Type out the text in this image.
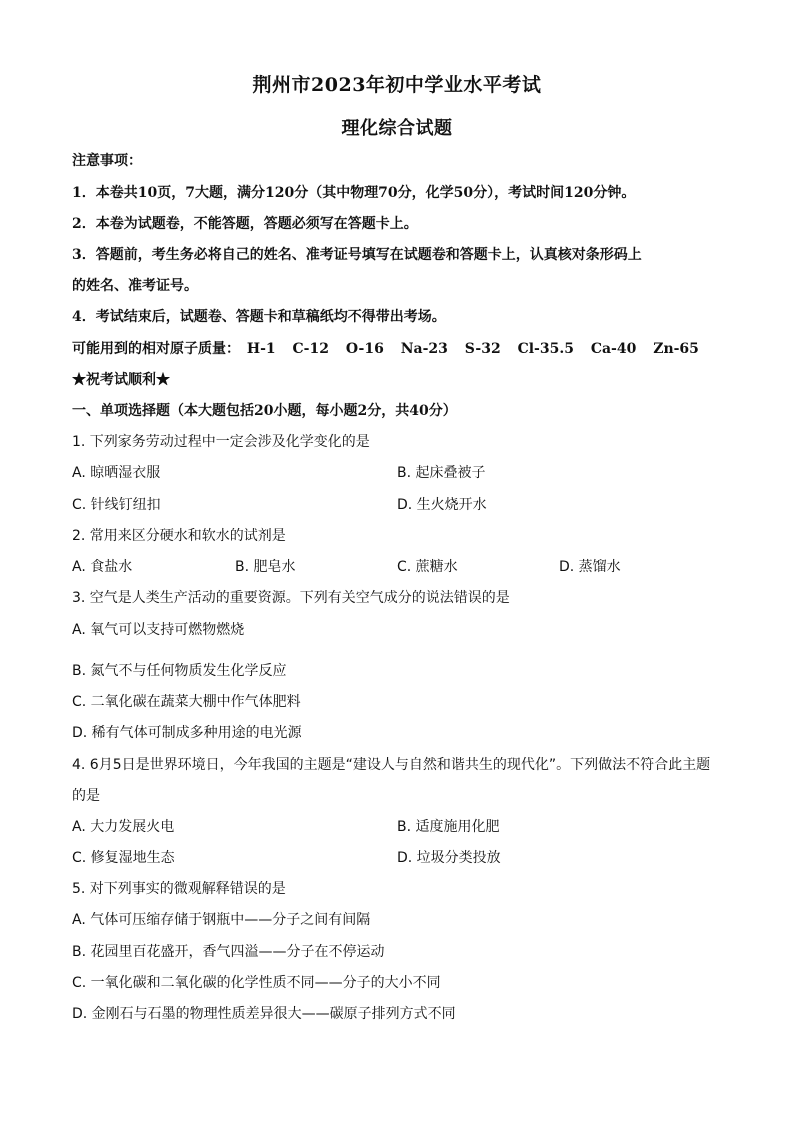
荆州市2023年初中学业水平考试
理化综合试题
注意事项：
1．本卷共10页，7大题，满分120分（其中物理70分，化学50分），考试时间120分钟。
2．本卷为试题卷，不能答题，答题必须写在答题卡上。
3．答题前，考生务必将自己的姓名、准考证号填写在试题卷和答题卡上，认真核对条形码上
的姓名、准考证号。
4．考试结束后，试题卷、答题卡和草稿纸均不得带出考场。
可能用到的相对原子质量： H-1 C-12 O-16 Na-23 S-32 Cl-35.5 Ca-40 Zn-65
★祝考试顺利★
一、单项选择题（本大题包括20小题，每小题2分，共40分）
1. 下列家务劳动过程中一定会涉及化学变化的是
A. 晾晒湿衣服	B. 起床叠被子
C. 针线钉纽扣	D. 生火烧开水
2. 常用来区分硬水和软水的试剂是
A. 食盐水	B. 肥皂水	C. 蔗糖水	D. 蒸馏水
3. 空气是人类生产活动的重要资源。下列有关空气成分的说法错误的是
A. 氧气可以支持可燃物燃烧
B. 氮气不与任何物质发生化学反应
C. 二氧化碳在蔬菜大棚中作气体肥料
D. 稀有气体可制成多种用途的电光源
4. 6月5日是世界环境日，今年我国的主题是“建设人与自然和谐共生的现代化”。下列做法不符合此主题
的是
A. 大力发展火电	B. 适度施用化肥
C. 修复湿地生态	D. 垃圾分类投放
5. 对下列事实的微观解释错误的是
A. 气体可压缩存储于钢瓶中——分子之间有间隔
B. 花园里百花盛开，香气四溢——分子在不停运动
C. 一氧化碳和二氧化碳的化学性质不同——分子的大小不同
D. 金刚石与石墨的物理性质差异很大——碳原子排列方式不同
